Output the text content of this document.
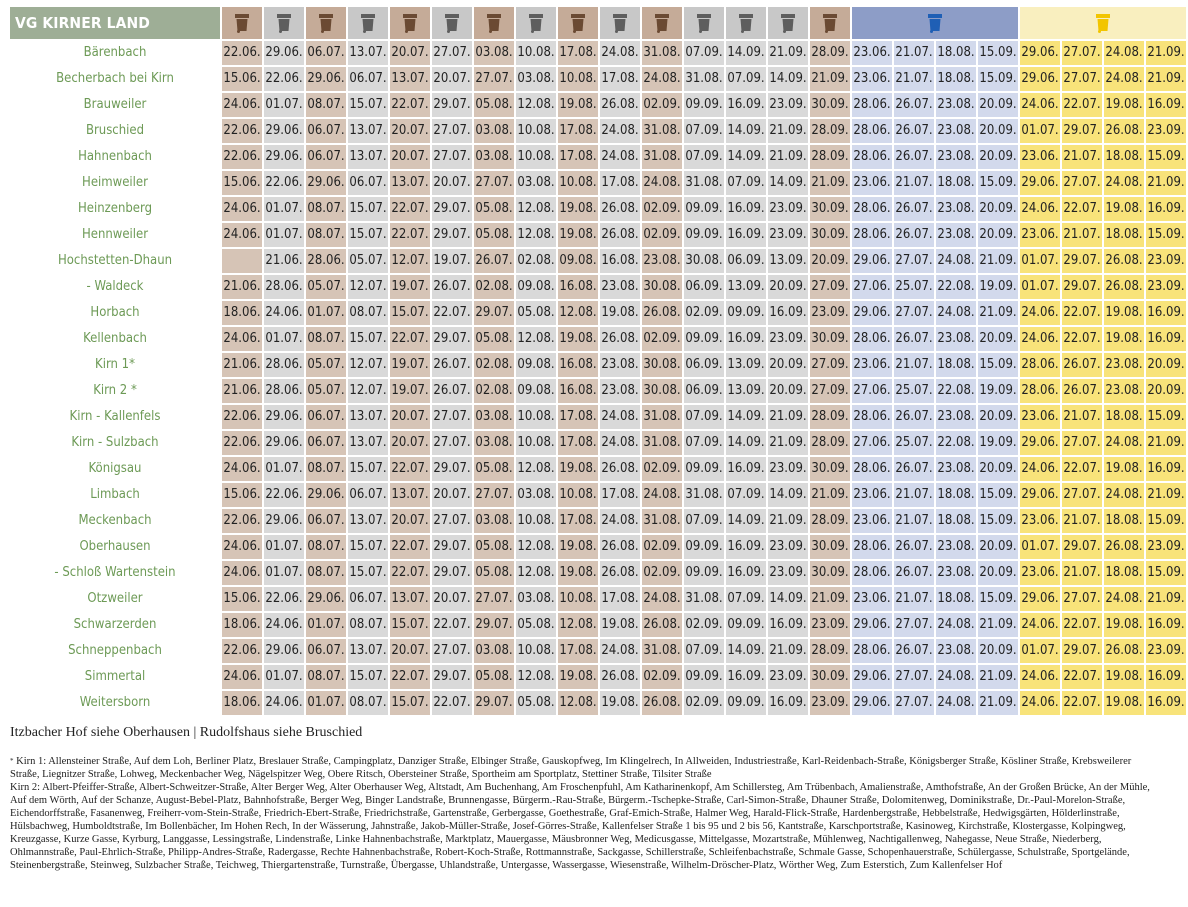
VG KIRNER LAND	

Bärenbach	22.06.	29.06.	06.07.	13.07.	20.07.	27.07.	03.08.	10.08.	17.08.	24.08.	31.08.	07.09.	14.09.	21.09.	28.09.	23.06.	21.07.	18.08.	15.09.	29.06.	27.07.	24.08.	21.09.
Becherbach bei Kirn	15.06.	22.06.	29.06.	06.07.	13.07.	20.07.	27.07.	03.08.	10.08.	17.08.	24.08.	31.08.	07.09.	14.09.	21.09.	23.06.	21.07.	18.08.	15.09.	29.06.	27.07.	24.08.	21.09.
Brauweiler	24.06.	01.07.	08.07.	15.07.	22.07.	29.07.	05.08.	12.08.	19.08.	26.08.	02.09.	09.09.	16.09.	23.09.	30.09.	28.06.	26.07.	23.08.	20.09.	24.06.	22.07.	19.08.	16.09.
Bruschied	22.06.	29.06.	06.07.	13.07.	20.07.	27.07.	03.08.	10.08.	17.08.	24.08.	31.08.	07.09.	14.09.	21.09.	28.09.	28.06.	26.07.	23.08.	20.09.	01.07.	29.07.	26.08.	23.09.
Hahnenbach	22.06.	29.06.	06.07.	13.07.	20.07.	27.07.	03.08.	10.08.	17.08.	24.08.	31.08.	07.09.	14.09.	21.09.	28.09.	28.06.	26.07.	23.08.	20.09.	23.06.	21.07.	18.08.	15.09.
Heimweiler	15.06.	22.06.	29.06.	06.07.	13.07.	20.07.	27.07.	03.08.	10.08.	17.08.	24.08.	31.08.	07.09.	14.09.	21.09.	23.06.	21.07.	18.08.	15.09.	29.06.	27.07.	24.08.	21.09.
Heinzenberg	24.06.	01.07.	08.07.	15.07.	22.07.	29.07.	05.08.	12.08.	19.08.	26.08.	02.09.	09.09.	16.09.	23.09.	30.09.	28.06.	26.07.	23.08.	20.09.	24.06.	22.07.	19.08.	16.09.
Hennweiler	24.06.	01.07.	08.07.	15.07.	22.07.	29.07.	05.08.	12.08.	19.08.	26.08.	02.09.	09.09.	16.09.	23.09.	30.09.	28.06.	26.07.	23.08.	20.09.	23.06.	21.07.	18.08.	15.09.
Hochstetten-Dhaun		21.06.	28.06.	05.07.	12.07.	19.07.	26.07.	02.08.	09.08.	16.08.	23.08.	30.08.	06.09.	13.09.	20.09.	29.06.	27.07.	24.08.	21.09.	01.07.	29.07.	26.08.	23.09.
- Waldeck	21.06.	28.06.	05.07.	12.07.	19.07.	26.07.	02.08.	09.08.	16.08.	23.08.	30.08.	06.09.	13.09.	20.09.	27.09.	27.06.	25.07.	22.08.	19.09.	01.07.	29.07.	26.08.	23.09.
Horbach	18.06.	24.06.	01.07.	08.07.	15.07.	22.07.	29.07.	05.08.	12.08.	19.08.	26.08.	02.09.	09.09.	16.09.	23.09.	29.06.	27.07.	24.08.	21.09.	24.06.	22.07.	19.08.	16.09.
Kellenbach	24.06.	01.07.	08.07.	15.07.	22.07.	29.07.	05.08.	12.08.	19.08.	26.08.	02.09.	09.09.	16.09.	23.09.	30.09.	28.06.	26.07.	23.08.	20.09.	24.06.	22.07.	19.08.	16.09.
Kirn 1*	21.06.	28.06.	05.07.	12.07.	19.07.	26.07.	02.08.	09.08.	16.08.	23.08.	30.08.	06.09.	13.09.	20.09.	27.09.	23.06.	21.07.	18.08.	15.09.	28.06.	26.07.	23.08.	20.09.
Kirn 2 *	21.06.	28.06.	05.07.	12.07.	19.07.	26.07.	02.08.	09.08.	16.08.	23.08.	30.08.	06.09.	13.09.	20.09.	27.09.	27.06.	25.07.	22.08.	19.09.	28.06.	26.07.	23.08.	20.09.
Kirn - Kallenfels	22.06.	29.06.	06.07.	13.07.	20.07.	27.07.	03.08.	10.08.	17.08.	24.08.	31.08.	07.09.	14.09.	21.09.	28.09.	28.06.	26.07.	23.08.	20.09.	23.06.	21.07.	18.08.	15.09.
Kirn - Sulzbach	22.06.	29.06.	06.07.	13.07.	20.07.	27.07.	03.08.	10.08.	17.08.	24.08.	31.08.	07.09.	14.09.	21.09.	28.09.	27.06.	25.07.	22.08.	19.09.	29.06.	27.07.	24.08.	21.09.
Königsau	24.06.	01.07.	08.07.	15.07.	22.07.	29.07.	05.08.	12.08.	19.08.	26.08.	02.09.	09.09.	16.09.	23.09.	30.09.	28.06.	26.07.	23.08.	20.09.	24.06.	22.07.	19.08.	16.09.
Limbach	15.06.	22.06.	29.06.	06.07.	13.07.	20.07.	27.07.	03.08.	10.08.	17.08.	24.08.	31.08.	07.09.	14.09.	21.09.	23.06.	21.07.	18.08.	15.09.	29.06.	27.07.	24.08.	21.09.
Meckenbach	22.06.	29.06.	06.07.	13.07.	20.07.	27.07.	03.08.	10.08.	17.08.	24.08.	31.08.	07.09.	14.09.	21.09.	28.09.	23.06.	21.07.	18.08.	15.09.	23.06.	21.07.	18.08.	15.09.
Oberhausen	24.06.	01.07.	08.07.	15.07.	22.07.	29.07.	05.08.	12.08.	19.08.	26.08.	02.09.	09.09.	16.09.	23.09.	30.09.	28.06.	26.07.	23.08.	20.09.	01.07.	29.07.	26.08.	23.09.
- Schloß Wartenstein	24.06.	01.07.	08.07.	15.07.	22.07.	29.07.	05.08.	12.08.	19.08.	26.08.	02.09.	09.09.	16.09.	23.09.	30.09.	28.06.	26.07.	23.08.	20.09.	23.06.	21.07.	18.08.	15.09.
Otzweiler	15.06.	22.06.	29.06.	06.07.	13.07.	20.07.	27.07.	03.08.	10.08.	17.08.	24.08.	31.08.	07.09.	14.09.	21.09.	23.06.	21.07.	18.08.	15.09.	29.06.	27.07.	24.08.	21.09.
Schwarzerden	18.06.	24.06.	01.07.	08.07.	15.07.	22.07.	29.07.	05.08.	12.08.	19.08.	26.08.	02.09.	09.09.	16.09.	23.09.	29.06.	27.07.	24.08.	21.09.	24.06.	22.07.	19.08.	16.09.
Schneppenbach	22.06.	29.06.	06.07.	13.07.	20.07.	27.07.	03.08.	10.08.	17.08.	24.08.	31.08.	07.09.	14.09.	21.09.	28.09.	28.06.	26.07.	23.08.	20.09.	01.07.	29.07.	26.08.	23.09.
Simmertal	24.06.	01.07.	08.07.	15.07.	22.07.	29.07.	05.08.	12.08.	19.08.	26.08.	02.09.	09.09.	16.09.	23.09.	30.09.	29.06.	27.07.	24.08.	21.09.	24.06.	22.07.	19.08.	16.09.
Weitersborn	18.06.	24.06.	01.07.	08.07.	15.07.	22.07.	29.07.	05.08.	12.08.	19.08.	26.08.	02.09.	09.09.	16.09.	23.09.	29.06.	27.07.	24.08.	21.09.	24.06.	22.07.	19.08.	16.09.
Itzbacher Hof siehe Oberhausen | Rudolfshaus siehe Bruschied

* Kirn 1: Allensteiner Straße, Auf dem Loh, Berliner Platz, Breslauer Straße, Campingplatz, Danziger Straße, Elbinger Straße, Gauskopfweg, Im Klingelrech, In Allweiden, Industriestraße, Karl-Reidenbach-Straße, Königsberger Straße, Kösliner Straße, Krebsweilerer Straße, Liegnitzer Straße, Lohweg, Meckenbacher Weg, Nägelspitzer Weg, Obere Ritsch, Obersteiner Straße, Sportheim am Sportplatz, Stettiner Straße, Tilsiter Straße

Kirn 2: Albert-Pfeiffer-Straße, Albert-Schweitzer-Straße, Alter Berger Weg, Alter Oberhauser Weg, Altstadt, Am Buchenhang, Am Froschenpfuhl, Am Katharinenkopf, Am Schillersteg, Am Trübenbach, Amalienstraße, Amthofstraße, An der Großen Brücke, An der Mühle, Auf dem Wörth, Auf der Schanze, August-Bebel-Platz, Bahnhofstraße, Berger Weg, Binger Landstraße, Brunnengasse, Bürgerm.-Rau-Straße, Bürgerm.-Tschepke-Straße, Carl-Simon-Straße, Dhauner Straße, Dolomitenweg, Dominikstraße, Dr.-Paul-Morelon-Straße, Eichendorffstraße, Fasanenweg, Freiherr-vom-Stein-Straße, Friedrich-Ebert-Straße, Friedrichstraße, Gartenstraße, Gerbergasse, Goethestraße, Graf-Emich-Straße, Halmer Weg, Harald-Flick-Straße, Hardenbergstraße, Hebbelstraße, Hedwigsgärten, Hölderlinstraße, Hülsbachweg, Humboldtstraße, Im Bollenbächer, Im Hohen Rech, In der Wässerung, Jahnstraße, Jakob-Müller-Straße, Josef-Görres-Straße, Kallenfelser Straße 1 bis 95 und 2 bis 56, Kantstraße, Karschportstraße, Kasinoweg, Kirchstraße, Klostergasse, Kolpingweg, Kreuzgasse, Kurze Gasse, Kyrburg, Langgasse, Lessingstraße, Lindenstraße, Linke Hahnenbachstraße, Marktplatz, Mauergasse, Mäusbronner Weg, Medicusgasse, Mittelgasse, Mozartstraße, Mühlenweg, Nachtigallenweg, Nahegasse, Neue Straße, Niederberg, Ohlmannstraße, Paul-Ehrlich-Straße, Philipp-Andres-Straße, Radergasse, Rechte Hahnenbachstraße, Robert-Koch-Straße, Rottmannstraße, Sackgasse, Schillerstraße, Schleifenbachstraße, Schmale Gasse, Schopenhauerstraße, Schülergasse, Schulstraße, Sportgelände, Steinenbergstraße, Steinweg, Sulzbacher Straße, Teichweg, Thiergartenstraße, Turnstraße, Übergasse, Uhlandstraße, Untergasse, Wassergasse, Wiesenstraße, Wilhelm-Dröscher-Platz, Wörther Weg, Zum Esterstich, Zum Kallenfelser Hof
